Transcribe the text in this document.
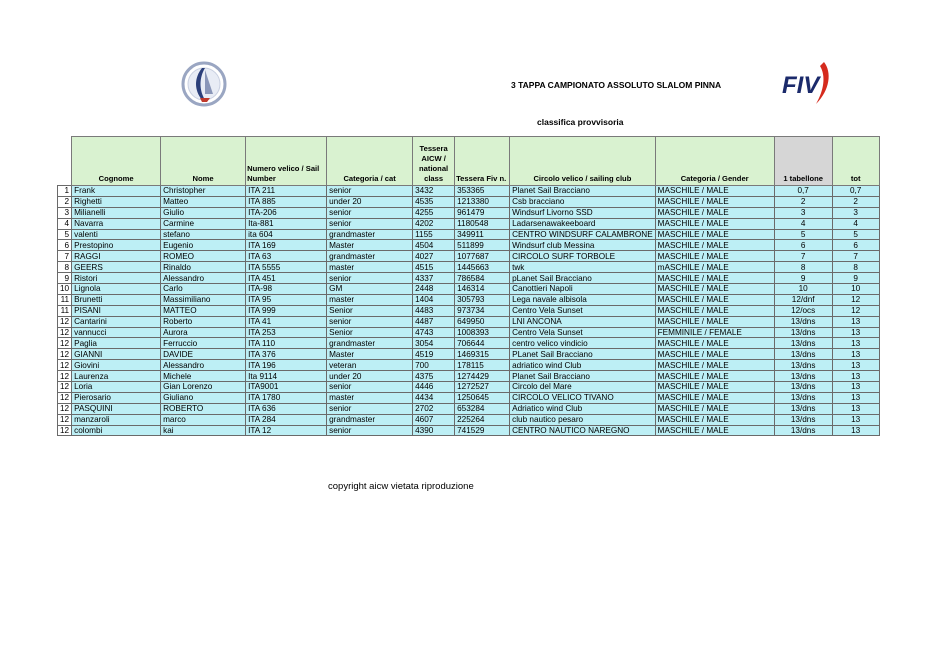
3 TAPPA CAMPIONATO ASSOLUTO SLALOM PINNA	FIV
classifica provvisoria
	Cognome	Nome	Numero velico / Sail Number	Categoria / cat	Tessera AICW / national class	Tessera Fiv n.	Circolo velico / sailing club	Categoria / Gender	1 tabellone	tot
1	Frank	Christopher	ITA 211	senior	3432	353365	Planet Sail Bracciano	MASCHILE / MALE	0,7	0,7
2	Righetti	Matteo	ITA 885	under 20	4535	1213380	Csb bracciano	MASCHILE / MALE	2	2
3	Milianelli	Giulio	ITA-206	senior	4255	961479	Windsurf Livorno SSD	MASCHILE / MALE	3	3
4	Navarra	Carmine	Ita-881	senior	4202	1180548	Ladarsenawakeeboard	MASCHILE / MALE	4	4
5	valenti	stefano	ita 604	grandmaster	1155	349911	CENTRO WINDSURF CALAMBRONE	MASCHILE / MALE	5	5
6	Prestopino	Eugenio	ITA 169	Master	4504	511899	Windsurf club Messina	MASCHILE / MALE	6	6
7	RAGGI	ROMEO	ITA 63	grandmaster	4027	1077687	CIRCOLO SURF TORBOLE	MASCHILE / MALE	7	7
8	GEERS	Rinaldo	ITA 5555	master	4515	1445663	twk	mASCHILE / MALE	8	8
9	Ristori	Alessandro	ITA 451	senior	4337	786584	pLanet Sail Bracciano	MASCHILE / MALE	9	9
10	Lignola	Carlo	ITA-98	GM	2448	146314	Canottieri Napoli	MASCHILE / MALE	10	10
11	Brunetti	Massimiliano	ITA 95	master	1404	305793	Lega navale albisola	MASCHILE / MALE	12/dnf	12
11	PISANI	MATTEO	ITA 999	Senior	4483	973734	Centro Vela Sunset	MASCHILE / MALE	12/ocs	12
12	Cantarini	Roberto	ITA 41	senior	4487	649950	LNI ANCONA	MASCHILE / MALE	13/dns	13
12	vannucci	Aurora	ITA 253	Senior	4743	1008393	Centro Vela Sunset	FEMMINILE / FEMALE	13/dns	13
12	Paglia	Ferruccio	ITA 110	grandmaster	3054	706644	centro velico vindicio	MASCHILE / MALE	13/dns	13
12	GIANNI	DAVIDE	ITA 376	Master	4519	1469315	PLanet Sail Bracciano	MASCHILE / MALE	13/dns	13
12	Giovini	Alessandro	ITA 196	veteran	700	178115	adriatico wind Club	MASCHILE / MALE	13/dns	13
12	Laurenza	Michele	Ita 9114	under 20	4375	1274429	Planet Sail Bracciano	MASCHILE / MALE	13/dns	13
12	Loria	Gian Lorenzo	ITA9001	senior	4446	1272527	Circolo del Mare	MASCHILE / MALE	13/dns	13
12	Pierosario	Giuliano	ITA 1780	master	4434	1250645	CIRCOLO VELICO TIVANO	MASCHILE / MALE	13/dns	13
12	PASQUINI	ROBERTO	ITA 636	senior	2702	653284	Adriatico wind Club	MASCHILE / MALE	13/dns	13
12	manzaroli	marco	ITA 284	grandmaster	4607	225264	club nautico pesaro	MASCHILE / MALE	13/dns	13
12	colombi	kai	ITA 12	senior	4390	741529	CENTRO NAUTICO NAREGNO	MASCHILE / MALE	13/dns	13
copyright aicw vietata riproduzione
